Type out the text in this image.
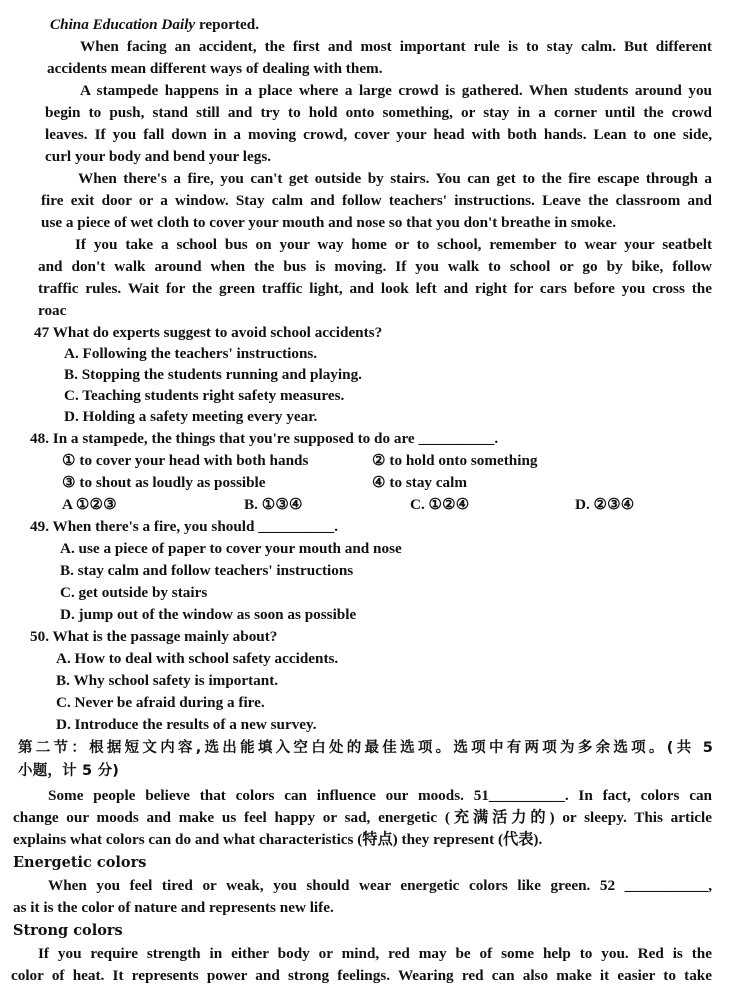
China Education Daily reported.
When facing an accident, the first and most important rule is to stay calm. But different
accidents mean different ways of dealing with them.
A stampede happens in a place where a large crowd is gathered. When students around you
begin to push, stand still and try to hold onto something, or stay in a corner until the crowd
leaves. If you fall down in a moving crowd, cover your head with both hands. Lean to one side,
curl your body and bend your legs.
When there's a fire, you can't get outside by stairs. You can get to the fire escape through a
fire exit door or a window. Stay calm and follow teachers' instructions. Leave the classroom and
use a piece of wet cloth to cover your mouth and nose so that you don't breathe in smoke.
If you take a school bus on your way home or to school, remember to wear your seatbelt
and don't walk around when the bus is moving. If you walk to school or go by bike, follow
traffic rules. Wait for the green traffic light, and look left and right for cars before you cross the
roac
47 What do experts suggest to avoid school accidents?
A. Following the teachers' instructions.
B. Stopping the students running and playing.
C. Teaching students right safety measures.
D. Holding a safety meeting every year.
48. In a stampede, the things that you're supposed to do are __________.
① to cover your head with both hands	② to hold onto something
③ to shout as loudly as possible	④ to stay calm
A ①②③	B. ①③④	C. ①②④	D. ②③④
49. When there's a fire, you should __________.
A. use a piece of paper to cover your mouth and nose
B. stay calm and follow teachers' instructions
C. get outside by stairs
D. jump out of the window as soon as possible
50. What is the passage mainly about?
A. How to deal with school safety accidents.
B. Why school safety is important.
C. Never be afraid during a fire.
D. Introduce the results of a new survey.
第二节：根据短文内容,选出能填入空白处的最佳选项。选项中有两项为多余选项。(共 5
小题，计 5 分)
Some people believe that colors can influence our moods. 51__________. In fact, colors can
change our moods and make us feel happy or sad, energetic (充满活力的) or sleepy. This article
explains what colors can do and what characteristics (特点) they represent (代表).
Energetic colors
When you feel tired or weak, you should wear energetic colors like green. 52 ___________,
as it is the color of nature and represents new life.
Strong colors
If you require strength in either body or mind, red may be of some help to you. Red is the
color of heat. It represents power and strong feelings. Wearing red can also make it easier to take
